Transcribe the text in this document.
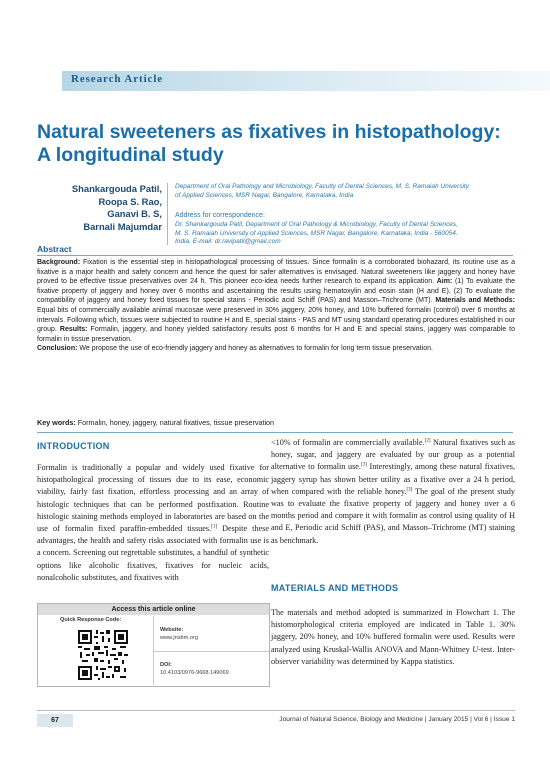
Research Article
Natural sweeteners as fixatives in histopathology:
A longitudinal study
Shankargouda Patil,
Roopa S. Rao,
Ganavi B. S,
Barnali Majumdar
Department of Oral Pathology and Microbiology, Faculty of Dental Sciences, M. S. Ramaiah University
of Applied Sciences, MSR Nagar, Bangalore, Karnataka, India
Address for correspondence:
Dr. Shankargouda Patil, Department of Oral Pathology & Microbiology, Faculty of Dental Sciences,
M. S. Ramaiah University of Applied Sciences, MSR Nagar, Bangalore, Karnataka, India - 560054.
India. E-mail: dr.ravipatil@gmail.com
Abstract
Background: Fixation is the essential step in histopathological processing of tissues. Since formalin is a corroborated biohazard, its routine use as a fixative is a major health and safety concern and hence the quest for safer alternatives is envisaged. Natural sweeteners like jaggery and honey have proved to be effective tissue preservatives over 24 h. This pioneer eco-idea needs further research to expand its application. Aim: (1) To evaluate the fixative property of jaggery and honey over 6 months and ascertaining the results using hematoxylin and eosin stain (H and E). (2) To evaluate the compatibility of jaggery and honey fixed tissues for special stains - Periodic acid Schiff (PAS) and Masson–Trichrome (MT). Materials and Methods: Equal bits of commercially available animal mucosae were preserved in 30% jaggery, 20% honey, and 10% buffered formalin (control) over 6 months at intervals. Following which, tissues were subjected to routine H and E, special stains - PAS and MT using standard operating procedures established in our group. Results: Formalin, jaggery, and honey yielded satisfactory results post 6 months for H and E and special stains, jaggery was comparable to formalin in tissue preservation.
Conclusion: We propose the use of eco-friendly jaggery and honey as alternatives to formalin for long term tissue preservation.
Key words: Formalin, honey, jaggery, natural fixatives, tissue preservation
INTRODUCTION
Formalin is traditionally a popular and widely used fixative for histopathological processing of tissues due to its ease, economic viability, fairly fast fixation, effortless processing and an array of histologic techniques that can be performed postfixation. Routine histologic staining methods employed in laboratories are based on the use of formalin fixed paraffin-embedded tissues.[1] Despite these advantages, the health and safety risks associated with formalin use is a concern. Screening out regrettable substitutes, a handful of synthetic options like alcoholic fixatives, fixatives for nucleic acids, nonalcoholic substitutes, and fixatives with
<10% of formalin are commercially available.[2] Natural fixatives such as honey, sugar, and jaggery are evaluated by our group as a potential alternative to formalin use.[3] Interestingly, among these natural fixatives, jaggery syrup has shown better utility as a fixative over a 24 h period, when compared with the reliable honey.[3] The goal of the present study was to evaluate the fixative property of jaggery and honey over a 6 months period and compare it with formalin as control using quality of H and E, Periodic acid Schiff (PAS), and Masson–Trichrome (MT) staining as benchmark.
MATERIALS AND METHODS
The materials and method adopted is summarized in Flowchart 1. The histomorphological criteria employed are indicated in Table 1. 30% jaggery, 20% honey, and 10% buffered formalin were used. Results were analyzed using Kruskal-Wallis ANOVA and Mann-Whitney U-test. Inter-observer variability was determined by Kappa statistics.
Access this article online
Quick Response Code:
Website:
www.jnsbm.org
DOI:
10.4103/0976-9668.149069
67	Journal of Natural Science, Biology and Medicine | January 2015 | Vol 6 | Issue 1
